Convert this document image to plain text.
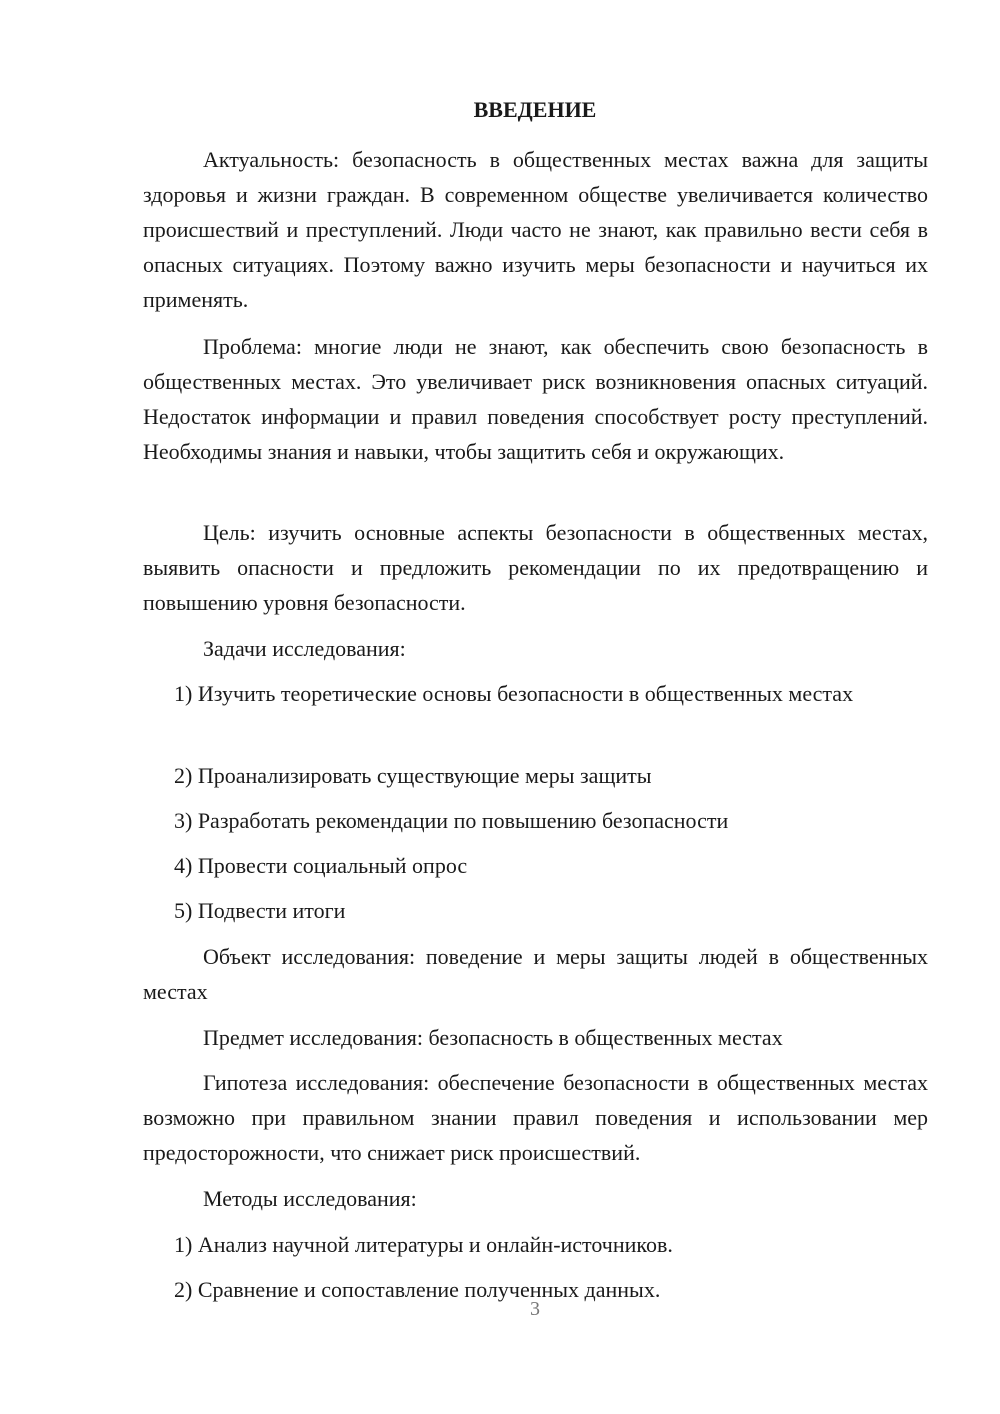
ВВЕДЕНИЕ

Актуальность: безопасность в общественных местах важна для защиты здоровья и жизни граждан. В современном обществе увеличивается количество происшествий и преступлений. Люди часто не знают, как правильно вести себя в опасных ситуациях. Поэтому важно изучить меры безопасности и научиться их применять.

Проблема: многие люди не знают, как обеспечить свою безопасность в общественных местах. Это увеличивает риск возникновения опасных ситуаций. Недостаток информации и правил поведения способствует росту преступлений. Необходимы знания и навыки, чтобы защитить себя и окружающих.

Цель: изучить основные аспекты безопасности в общественных местах, выявить опасности и предложить рекомендации по их предотвращению и повышению уровня безопасности.

Задачи исследования:

1) Изучить теоретические основы безопасности в общественных местах

2) Проанализировать существующие меры защиты

3) Разработать рекомендации по повышению безопасности

4) Провести социальный опрос

5) Подвести итоги

Объект исследования: поведение и меры защиты людей в общественных местах

Предмет исследования: безопасность в общественных местах

Гипотеза исследования: обеспечение безопасности в общественных местах возможно при правильном знании правил поведения и использовании мер предосторожности, что снижает риск происшествий.

Методы исследования:

1) Анализ научной литературы и онлайн-источников.

2) Сравнение и сопоставление полученных данных.

3
